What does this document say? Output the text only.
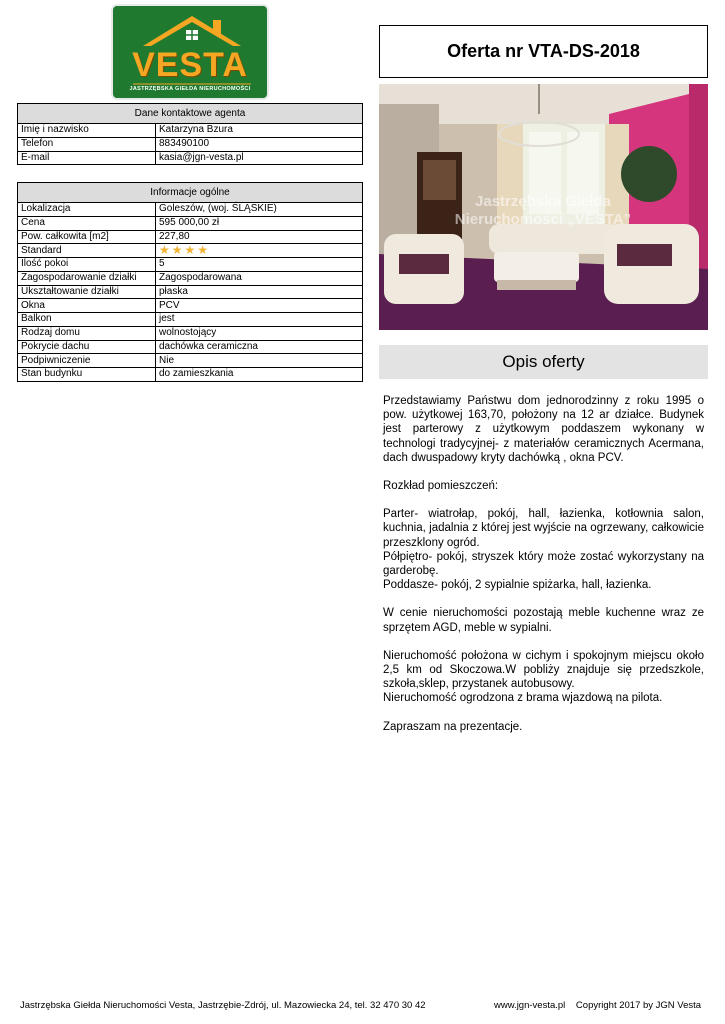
VESTA
JASTRZĘBSKA GIEŁDA NIERUCHOMOŚCI
Dane kontaktowe agenta	
Imię i nazwisko	Katarzyna Bzura
Telefon	883490100
E-mail	kasia@jgn-vesta.pl
Informacje ogólne	
Lokalizacja	Goleszów, (woj. ŚLĄSKIE)
Cena	595 000,00 zł
Pow. całkowita [m2]	227,80
Standard	★ ★ ★ ★

Ilość pokoi	5
Zagospodarowanie działki	Zagospodarowana
Ukształtowanie działki	płaska
Okna	PCV
Balkon	jest
Rodzaj domu	wolnostojący
Pokrycie dachu	dachówka ceramiczna
Podpiwniczenie	Nie
Stan budynku	do zamieszkania
Oferta nr VTA-DS-2018
Jastrzębska Giełda
Nieruchomości „VESTA”
Opis oferty

Przedstawiamy Państwu dom jednorodzinny z roku 1995 o pow. użytkowej 163,70, położony na 12 ar działce. Budynek jest parterowy z użytkowym poddaszem wykonany w technologi tradycyjnej- z materiałów ceramicznych Acermana, dach dwuspadowy kryty dachówką , okna PCV.

Rozkład pomieszczeń:

Parter- wiatrołap, pokój, hall, łazienka, kotłownia salon, kuchnia, jadalnia z której jest wyjście na ogrzewany, całkowicie przeszklony ogród.

Półpiętro- pokój, stryszek który może zostać wykorzystany na garderobę.

Poddasze- pokój, 2 sypialnie spiżarka, hall, łazienka.

W cenie nieruchomości pozostają meble kuchenne wraz ze sprzętem AGD, meble w sypialni.

Nieruchomość położona w cichym i spokojnym miejscu około 2,5 km od Skoczowa.W pobliży znajduje się przedszkole, szkoła,sklep, przystanek autobusowy.

Nieruchomość ogrodzona z brama wjazdową na pilota.

Zapraszam na prezentacje.

Jastrzębska Giełda Nieruchomości Vesta, Jastrzębie-Zdrój, ul. Mazowiecka 24, tel. 32 470 30 42	www.jgn-vesta.pl Copyright 2017 by JGN Vesta
